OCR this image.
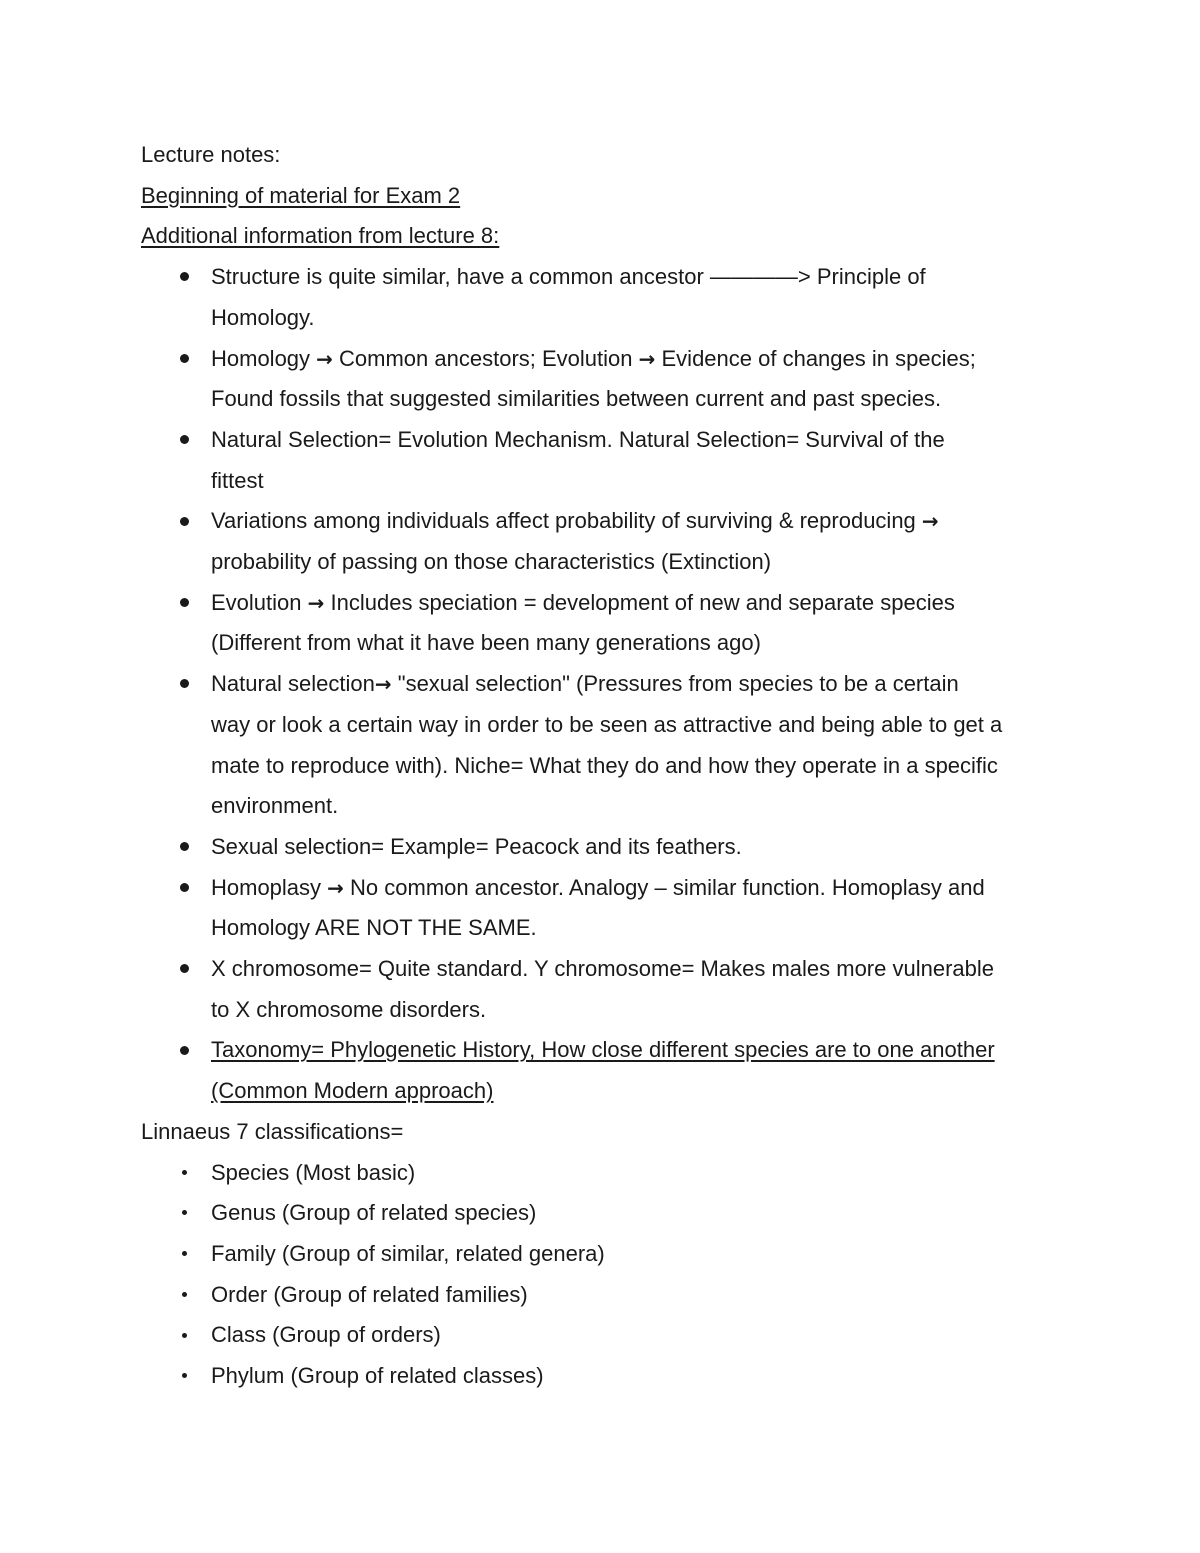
Lecture notes:

Beginning of material for Exam 2

Additional information from lecture 8:

Structure is quite similar, have a common ancestor ————> Principle of
Homology.
Homology → Common ancestors; Evolution → Evidence of changes in species;
Found fossils that suggested similarities between current and past species.
Natural Selection= Evolution Mechanism. Natural Selection= Survival of the
fittest
Variations among individuals affect probability of surviving & reproducing →
probability of passing on those characteristics (Extinction)
Evolution → Includes speciation = development of new and separate species
(Different from what it have been many generations ago)
Natural selection→ "sexual selection" (Pressures from species to be a certain
way or look a certain way in order to be seen as attractive and being able to get a
mate to reproduce with). Niche= What they do and how they operate in a specific
environment.
Sexual selection= Example= Peacock and its feathers.
Homoplasy → No common ancestor. Analogy – similar function. Homoplasy and
Homology ARE NOT THE SAME.
X chromosome= Quite standard. Y chromosome= Makes males more vulnerable
to X chromosome disorders.
Taxonomy= Phylogenetic History, How close different species are to one another
(Common Modern approach)

Linnaeus 7 classifications=

Species (Most basic)
Genus (Group of related species)
Family (Group of similar, related genera)
Order (Group of related families)
Class (Group of orders)
Phylum (Group of related classes)
